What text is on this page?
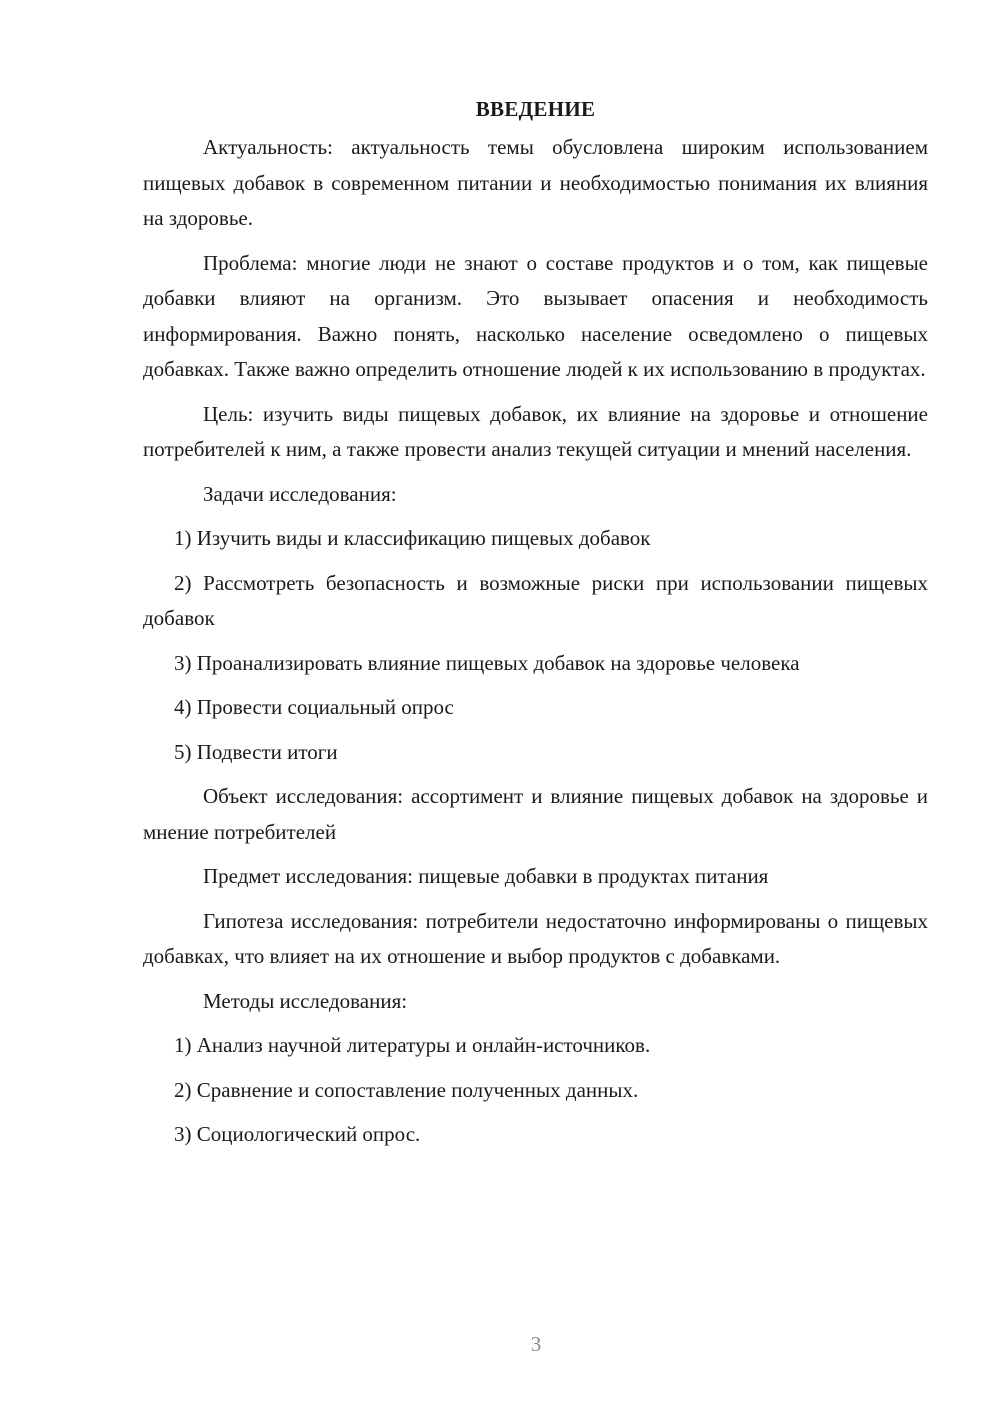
ВВЕДЕНИЕ

Актуальность: актуальность темы обусловлена широким использованием пищевых добавок в современном питании и необходимостью понимания их влияния на здоровье.

Проблема: многие люди не знают о составе продуктов и о том, как пищевые добавки влияют на организм. Это вызывает опасения и необходимость информирования. Важно понять, насколько население осведомлено о пищевых добавках. Также важно определить отношение людей к их использованию в продуктах.

Цель: изучить виды пищевых добавок, их влияние на здоровье и отношение потребителей к ним, а также провести анализ текущей ситуации и мнений населения.

Задачи исследования:

1) Изучить виды и классификацию пищевых добавок

2) Рассмотреть безопасность и возможные риски при использовании пищевых добавок

3) Проанализировать влияние пищевых добавок на здоровье человека

4) Провести социальный опрос

5) Подвести итоги

Объект исследования: ассортимент и влияние пищевых добавок на здоровье и мнение потребителей

Предмет исследования: пищевые добавки в продуктах питания

Гипотеза исследования: потребители недостаточно информированы о пищевых добавках, что влияет на их отношение и выбор продуктов с добавками.

Методы исследования:

1) Анализ научной литературы и онлайн-источников.

2) Сравнение и сопоставление полученных данных.

3) Социологический опрос.

3
